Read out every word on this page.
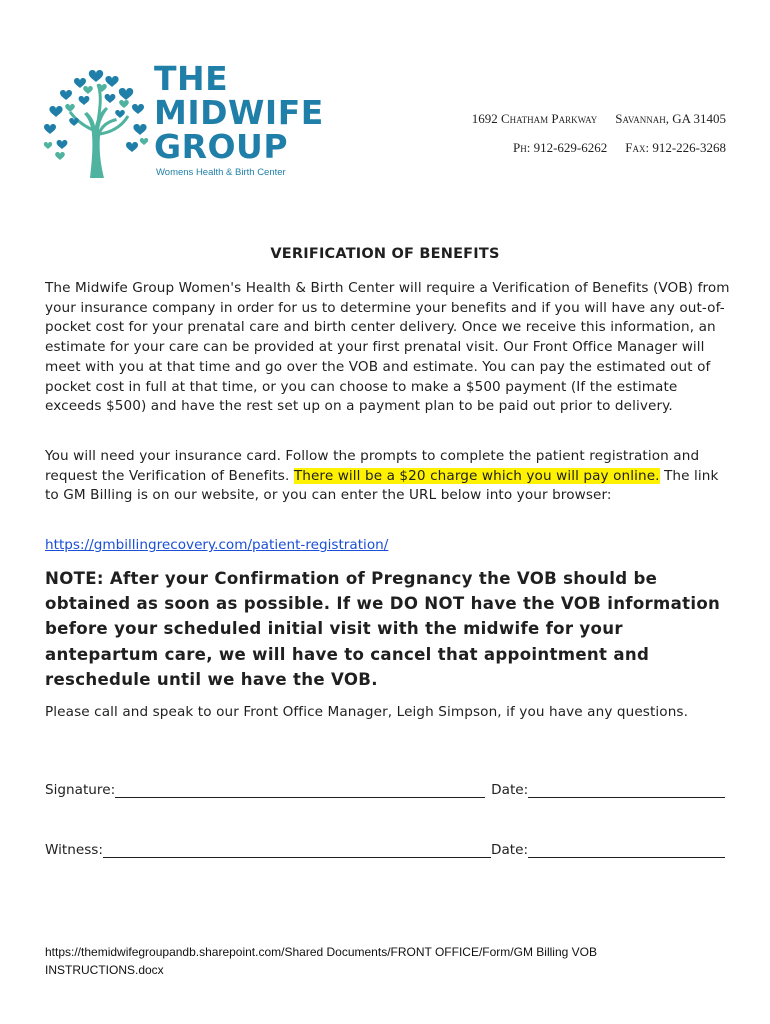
THE
MIDWIFE
GROUP
Womens Health & Birth Center
1692 Chatham Parkway Savannah, GA 31405
Ph: 912-629-6262 Fax: 912-226-3268
VERIFICATION OF BENEFITS
The Midwife Group Women's Health & Birth Center will require a Verification of Benefits (VOB) from your insurance company in order for us to determine your benefits and if you will have any out-of-pocket cost for your prenatal care and birth center delivery. Once we receive this information, an estimate for your care can be provided at your first prenatal visit. Our Front Office Manager will meet with you at that time and go over the VOB and estimate. You can pay the estimated out of pocket cost in full at that time, or you can choose to make a $500 payment (If the estimate exceeds $500) and have the rest set up on a payment plan to be paid out prior to delivery.
You will need your insurance card. Follow the prompts to complete the patient registration and request the Verification of Benefits. There will be a $20 charge which you will pay online. The link to GM Billing is on our website, or you can enter the URL below into your browser:
https://gmbillingrecovery.com/patient-registration/
NOTE: After your Confirmation of Pregnancy the VOB should be obtained as soon as possible. If we DO NOT have the VOB information before your scheduled initial visit with the midwife for your antepartum care, we will have to cancel that appointment and reschedule until we have the VOB.
Please call and speak to our Front Office Manager, Leigh Simpson, if you have any questions.
Signature:	Date:
Witness:	Date:
https://themidwifegroupandb.sharepoint.com/Shared Documents/FRONT OFFICE/Form/GM Billing VOB INSTRUCTIONS.docx
